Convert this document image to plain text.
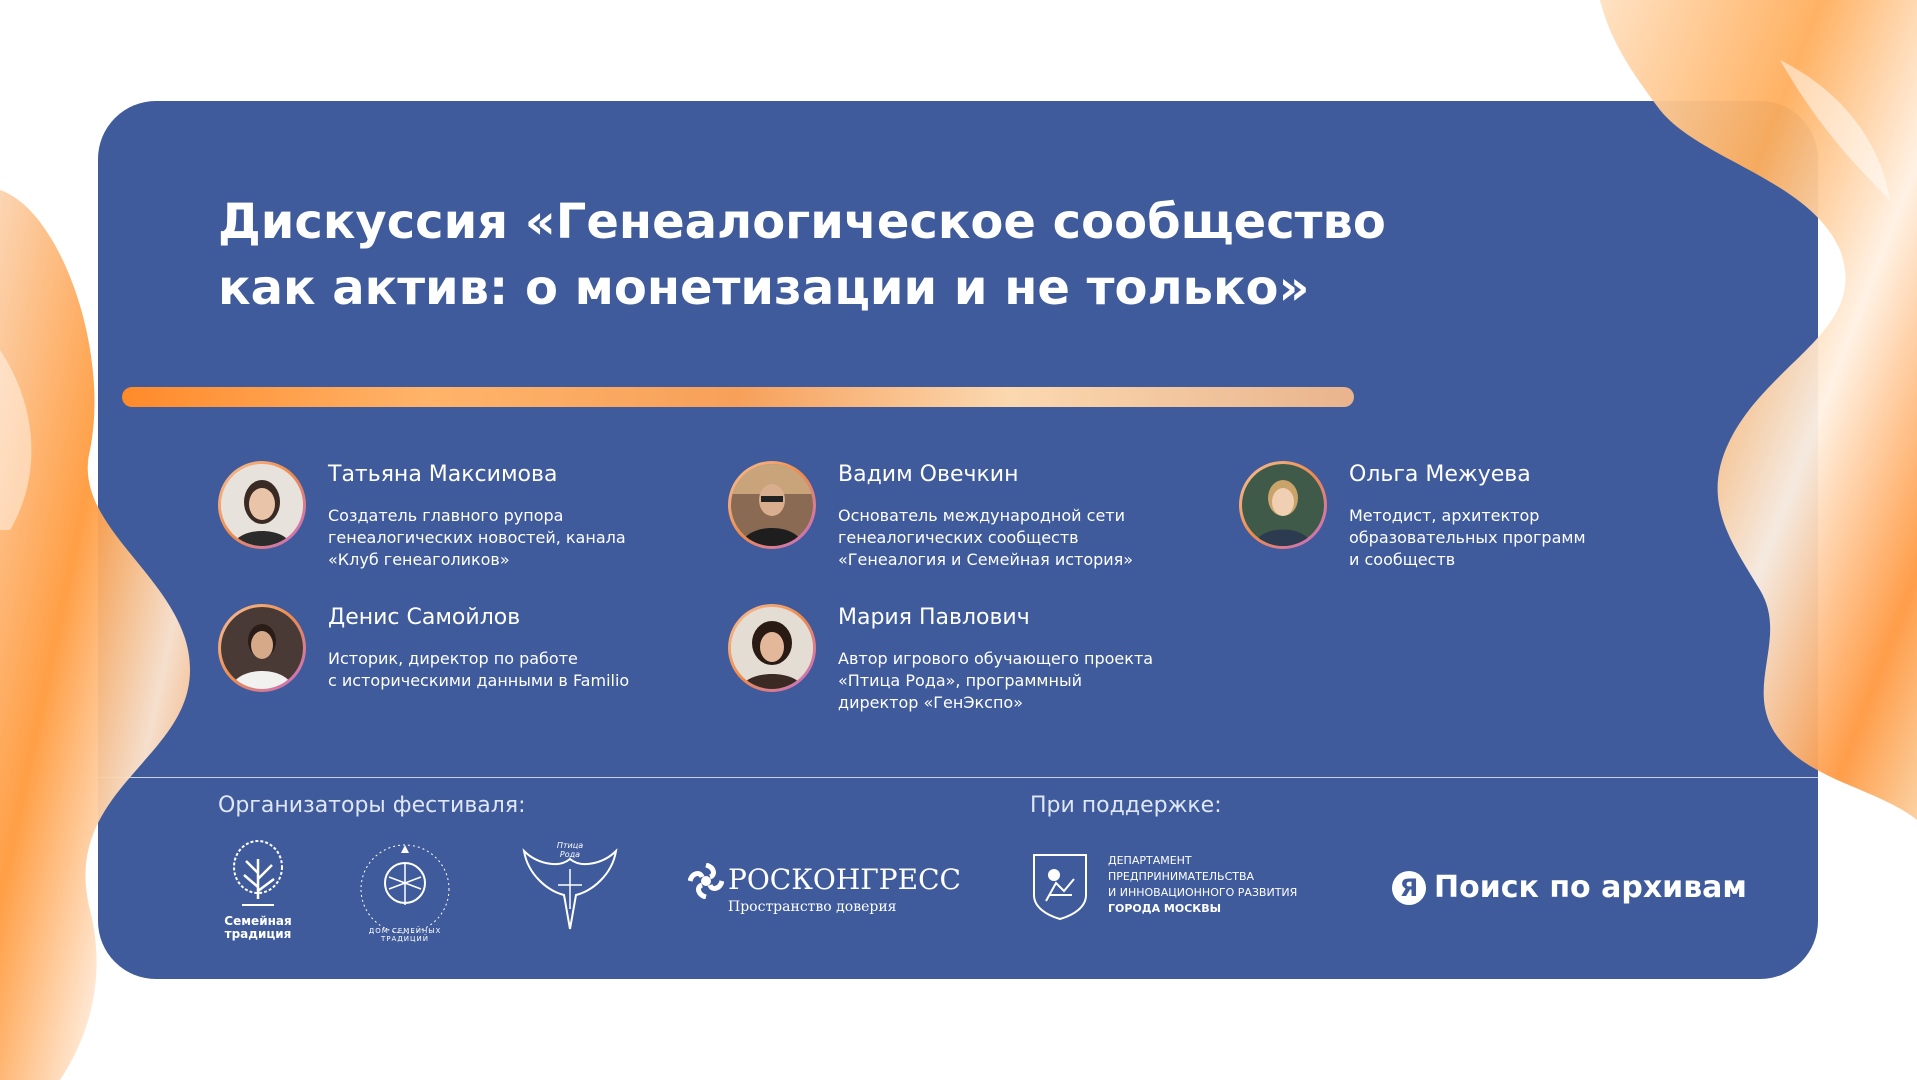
Дискуссия «Генеалогическое сообщество
как актив: о монетизации и не только»
Татьяна Максимова
Создатель главного рупора
генеалогических новостей, канала
«Клуб генеаголиков»
Вадим Овечкин
Основатель международной сети
генеалогических сообществ
«Генеалогия и Семейная история»
Ольга Межуева
Методист, архитектор
образовательных программ
и сообществ
Денис Самойлов
Историк, директор по работе
с историческими данными в Familio
Мария Павлович
Автор игрового обучающего проекта
«Птица Рода», программный
директор «ГенЭкспо»
Организаторы фестиваля:	При поддержке:
Семейная
традиция	ДОМ СЕМЕЙНЫХ ТРАДИЦИЙ
Птица Рода
РОСКОНГРЕСС
Пространство доверия
ДЕПАРТАМЕНТ
ПРЕДПРИНИМАТЕЛЬСТВА
И ИННОВАЦИОННОГО РАЗВИТИЯ
ГОРОДА МОСКВЫ
Я Поиск по архивам
